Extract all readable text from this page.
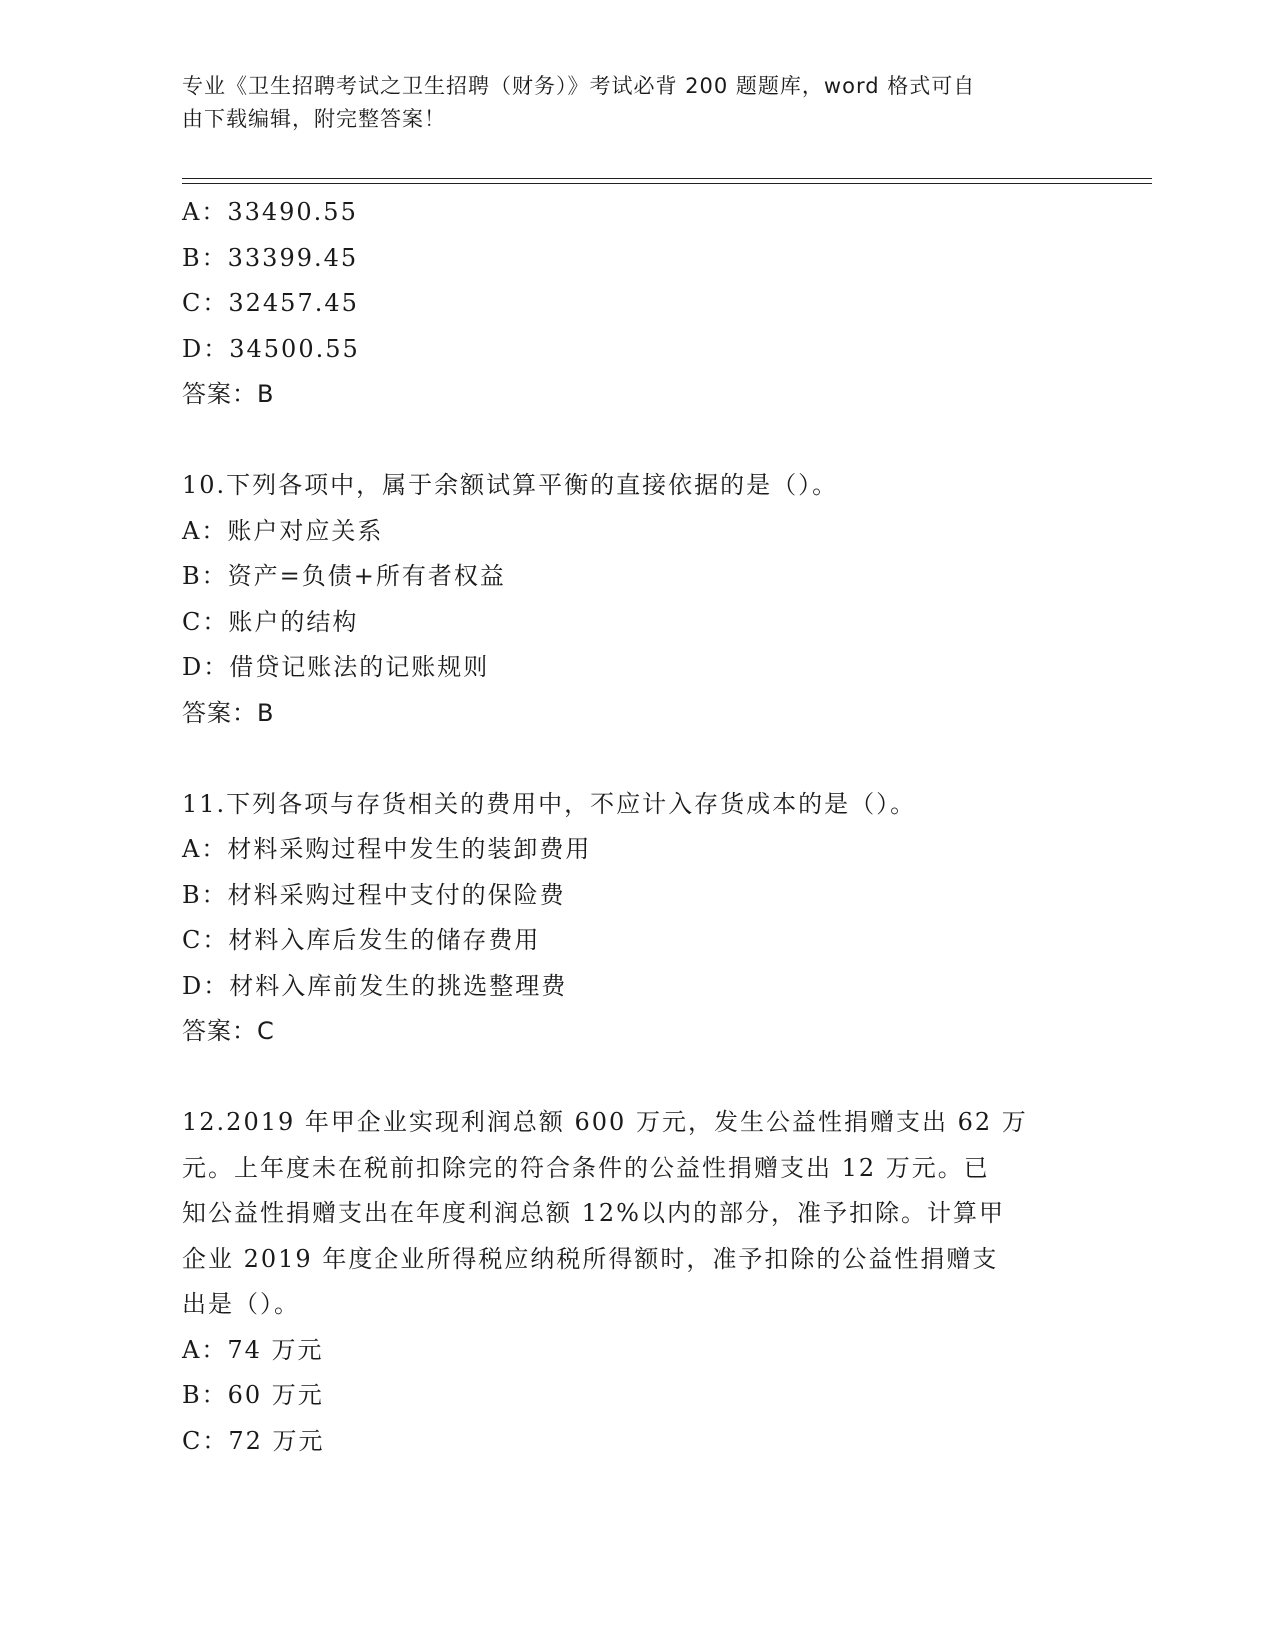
专业《卫生招聘考试之卫生招聘（财务）》考试必背 200 题题库，word 格式可自
由下载编辑，附完整答案！
A：33490.55
B：33399.45
C：32457.45
D：34500.55
答案：B
10.下列各项中，属于余额试算平衡的直接依据的是（）。
A：账户对应关系
B：资产=负债+所有者权益
C：账户的结构
D：借贷记账法的记账规则
答案：B
11.下列各项与存货相关的费用中，不应计入存货成本的是（）。
A：材料采购过程中发生的装卸费用
B：材料采购过程中支付的保险费
C：材料入库后发生的储存费用
D：材料入库前发生的挑选整理费
答案：C
12.2019 年甲企业实现利润总额 600 万元，发生公益性捐赠支出 62 万
元。上年度未在税前扣除完的符合条件的公益性捐赠支出 12 万元。已
知公益性捐赠支出在年度利润总额 12%以内的部分，准予扣除。计算甲
企业 2019 年度企业所得税应纳税所得额时，准予扣除的公益性捐赠支
出是（）。
A：74 万元
B：60 万元
C：72 万元
